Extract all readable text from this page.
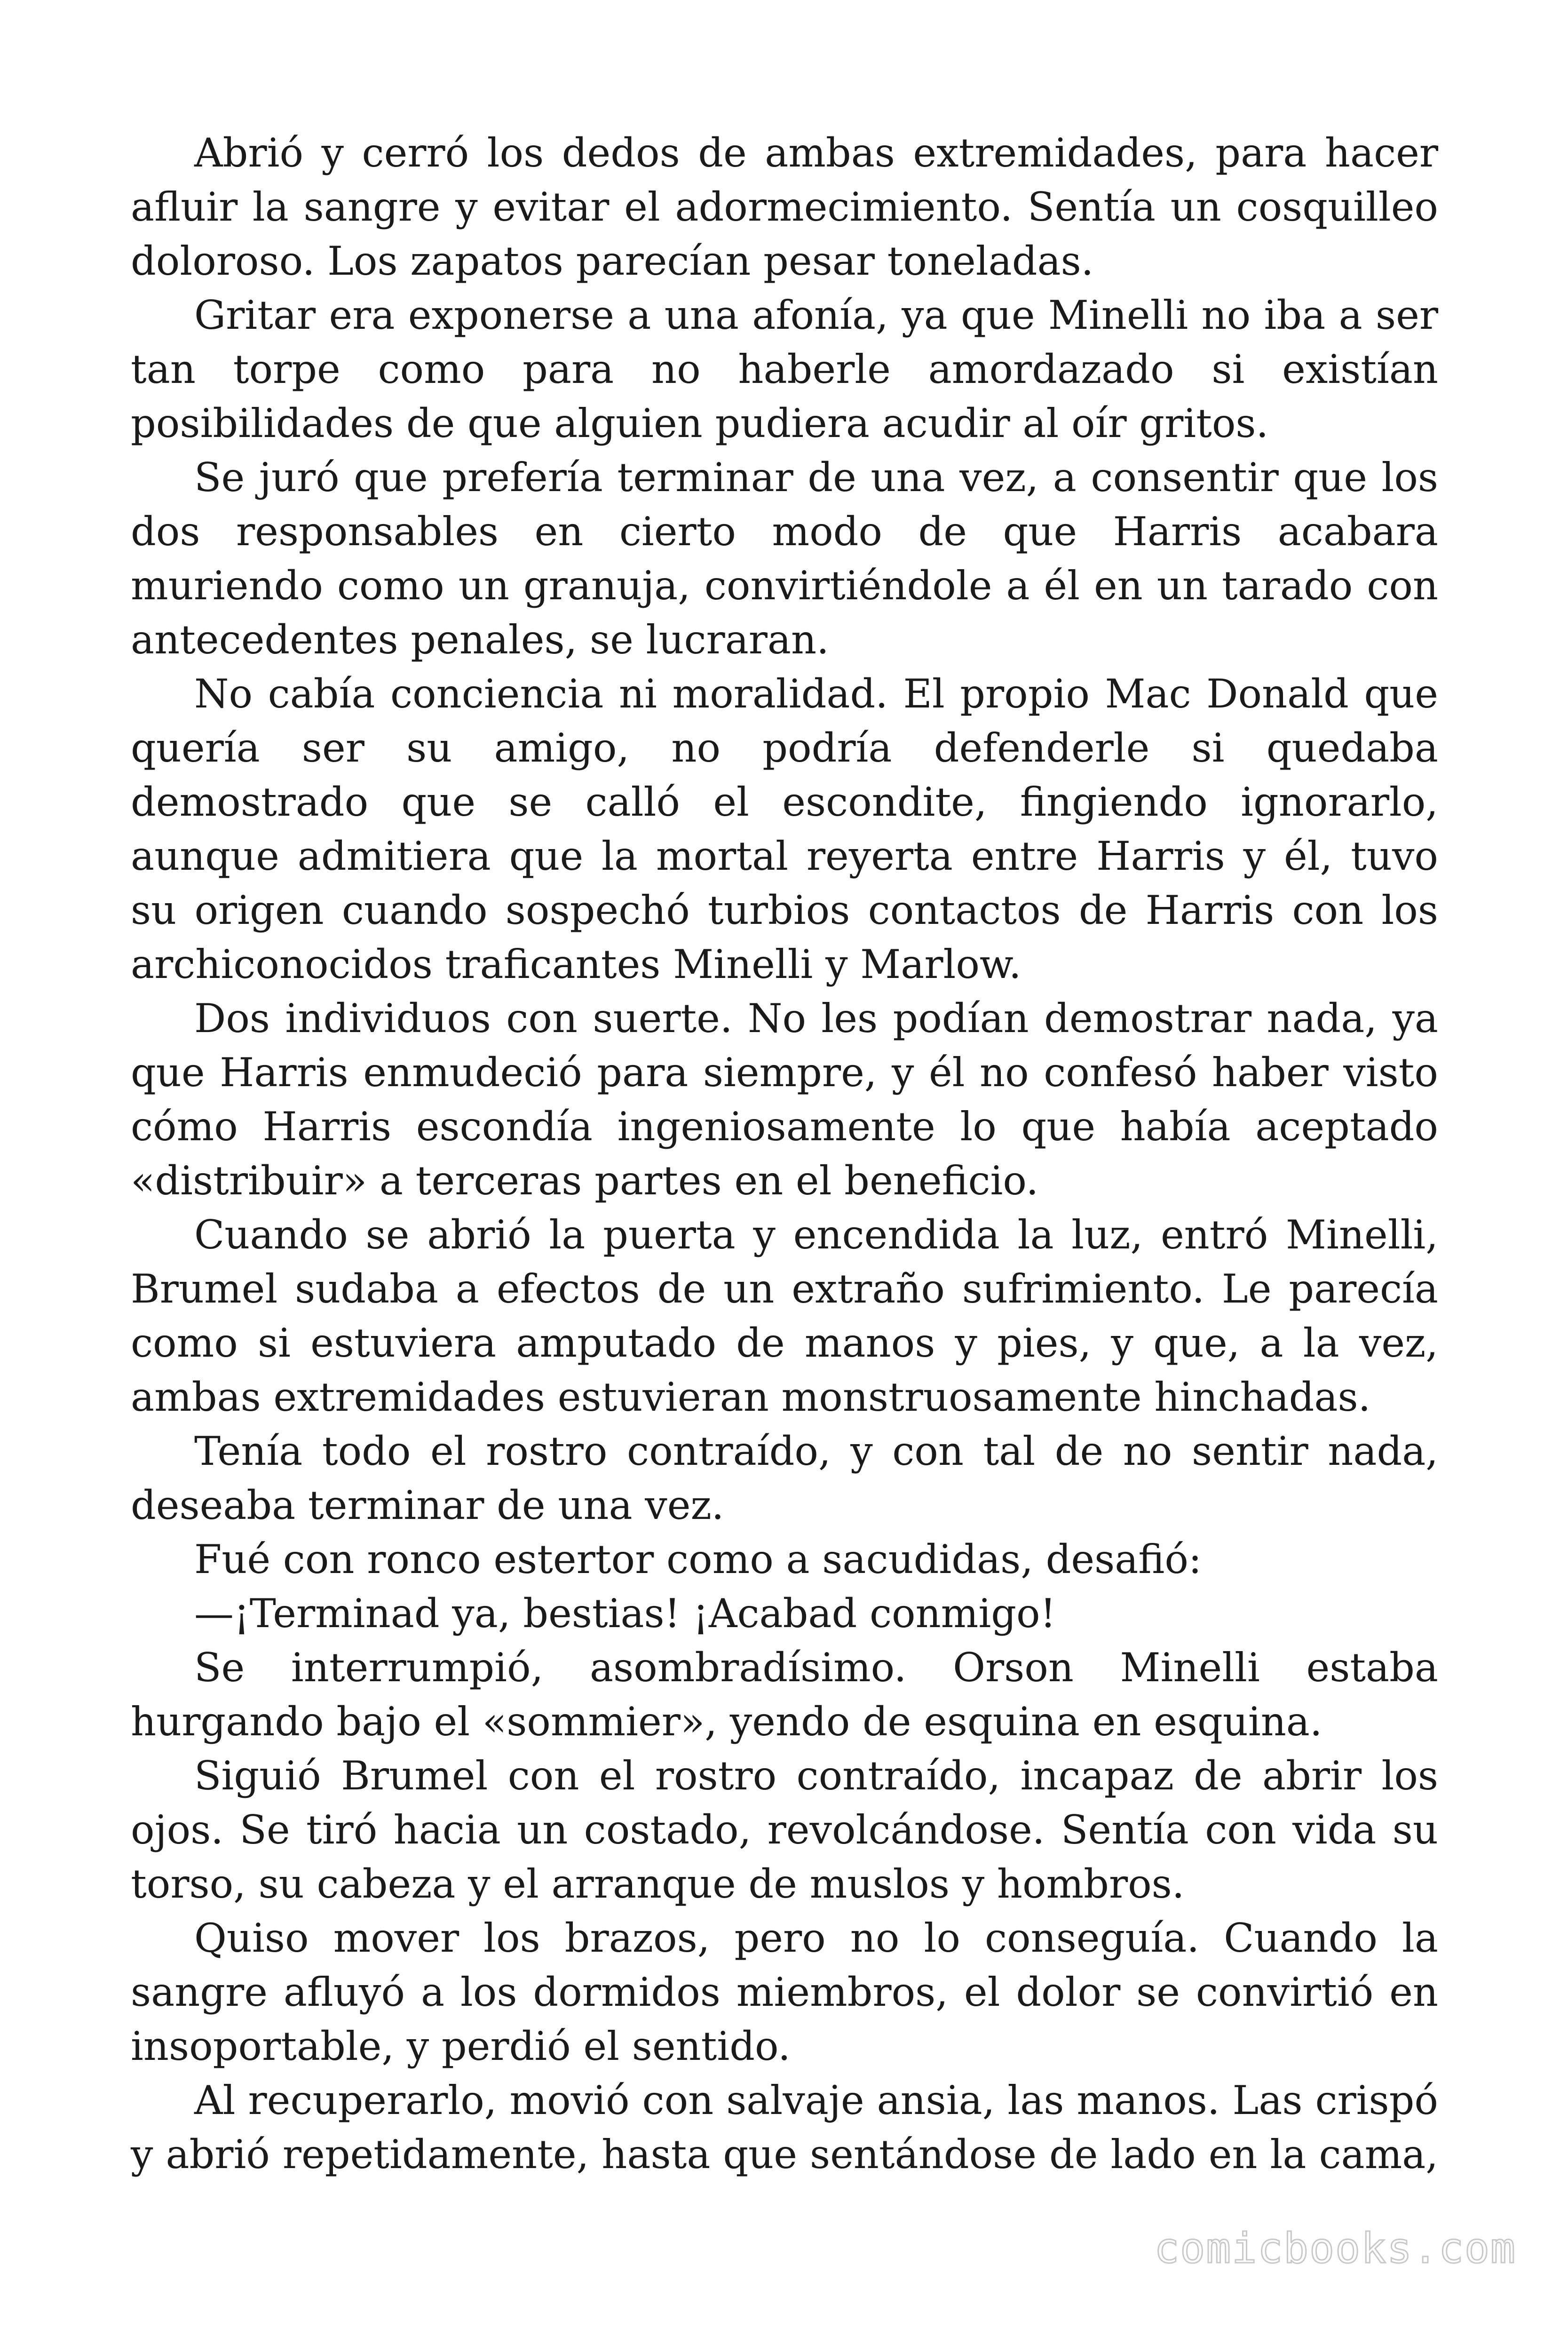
Abrió y cerró los dedos de ambas extremidades, para hacer afluir la sangre y evitar el adormecimiento. Sentía un cosquilleo doloroso. Los zapatos parecían pesar toneladas.

Gritar era exponerse a una afonía, ya que Minelli no iba a ser tan torpe como para no haberle amordazado si existían posibilidades de que alguien pudiera acudir al oír gritos.

Se juró que prefería terminar de una vez, a consentir que los dos responsables en cierto modo de que Harris acabara muriendo como un granuja, convirtiéndole a él en un tarado con antecedentes penales, se lucraran.

No cabía conciencia ni moralidad. El propio Mac Donald que quería ser su amigo, no podría defenderle si quedaba demostrado que se calló el escondite, fingiendo ignorarlo, aunque admitiera que la mortal reyerta entre Harris y él, tuvo su origen cuando sospechó turbios contactos de Harris con los archiconocidos traficantes Minelli y Marlow.

Dos individuos con suerte. No les podían demostrar nada, ya que Harris enmudeció para siempre, y él no confesó haber visto cómo Harris escondía ingeniosamente lo que había aceptado «distribuir» a terceras partes en el beneficio.

Cuando se abrió la puerta y encendida la luz, entró Minelli, Brumel sudaba a efectos de un extraño sufrimiento. Le parecía como si estuviera amputado de manos y pies, y que, a la vez, ambas extremidades estuvieran monstruosamente hinchadas.

Tenía todo el rostro contraído, y con tal de no sentir nada, deseaba terminar de una vez.

Fué con ronco estertor como a sacudidas, desafió:

—¡Terminad ya, bestias! ¡Acabad conmigo!

Se interrumpió, asombradísimo. Orson Minelli estaba hurgando bajo el «sommier», yendo de esquina en esquina.

Siguió Brumel con el rostro contraído, incapaz de abrir los ojos. Se tiró hacia un costado, revolcándose. Sentía con vida su torso, su cabeza y el arranque de muslos y hombros.

Quiso mover los brazos, pero no lo conseguía. Cuando la sangre afluyó a los dormidos miembros, el dolor se convirtió en insoportable, y perdió el sentido.

Al recuperarlo, movió con salvaje ansia, las manos. Las crispó y abrió repetidamente, hasta que sentándose de lado en la cama,

comicbooks.com
